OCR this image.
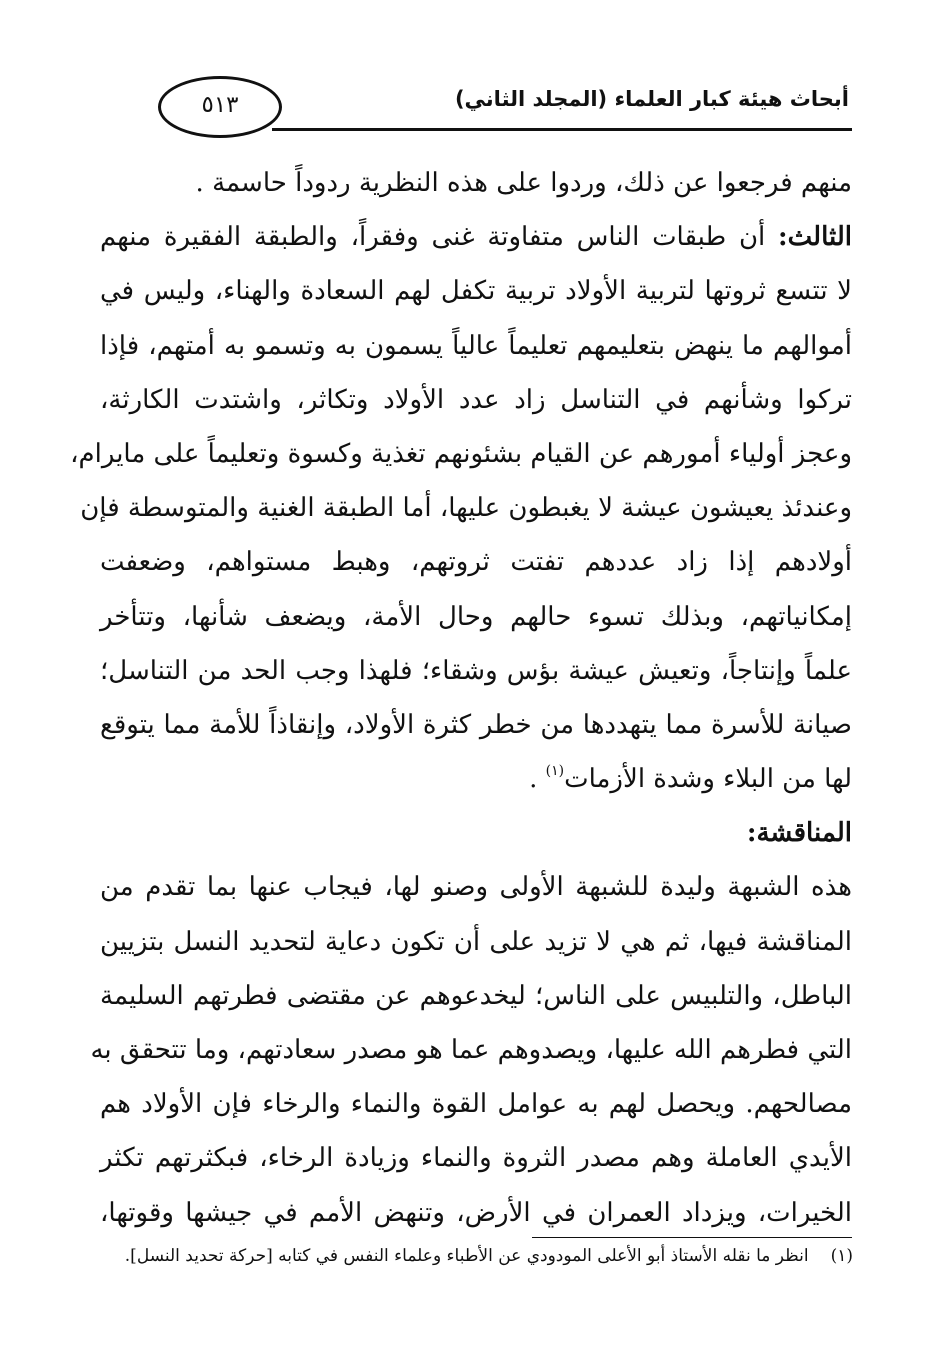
أبحاث هيئة كبار العلماء (المجلد الثاني)
٥١٣
منهم فرجعوا عن ذلك، وردوا على هذه النظرية ردوداً حاسمة .
الثالث: أن طبقات الناس متفاوتة غنى وفقراً، والطبقة الفقيرة منهم
لا تتسع ثروتها لتربية الأولاد تربية تكفل لهم السعادة والهناء، وليس في
أموالهم ما ينهض بتعليمهم تعليماً عالياً يسمون به وتسمو به أمتهم، فإذا
تركوا وشأنهم في التناسل زاد عدد الأولاد وتكاثر، واشتدت الكارثة،
وعجز أولياء أمورهم عن القيام بشئونهم تغذية وكسوة وتعليماً على مايرام،
وعندئذ يعيشون عيشة لا يغبطون عليها، أما الطبقة الغنية والمتوسطة فإن
أولادهم إذا زاد عددهم تفتت ثروتهم، وهبط مستواهم، وضعفت
إمكانياتهم، وبذلك تسوء حالهم وحال الأمة، ويضعف شأنها، وتتأخر
علماً وإنتاجاً، وتعيش عيشة بؤس وشقاء؛ فلهذا وجب الحد من التناسل؛
صيانة للأسرة مما يتهددها من خطر كثرة الأولاد، وإنقاذاً للأمة مما يتوقع
لها من البلاء وشدة الأزمات$^{(١)}$ .
المناقشة:
هذه الشبهة وليدة للشبهة الأولى وصنو لها، فيجاب عنها بما تقدم من
المناقشة فيها، ثم هي لا تزيد على أن تكون دعاية لتحديد النسل بتزيين
الباطل، والتلبيس على الناس؛ ليخدعوهم عن مقتضى فطرتهم السليمة
التي فطرهم الله عليها، ويصدوهم عما هو مصدر سعادتهم، وما تتحقق به
مصالحهم. ويحصل لهم به عوامل القوة والنماء والرخاء فإن الأولاد هم
الأيدي العاملة وهم مصدر الثروة والنماء وزيادة الرخاء، فبكثرتهم تكثر
الخيرات، ويزداد العمران في الأرض، وتنهض الأمم في جيشها وقوتها،
(١)انظر ما نقله الأستاذ أبو الأعلى المودودي عن الأطباء وعلماء النفس في كتابه [حركة تحديد النسل].
